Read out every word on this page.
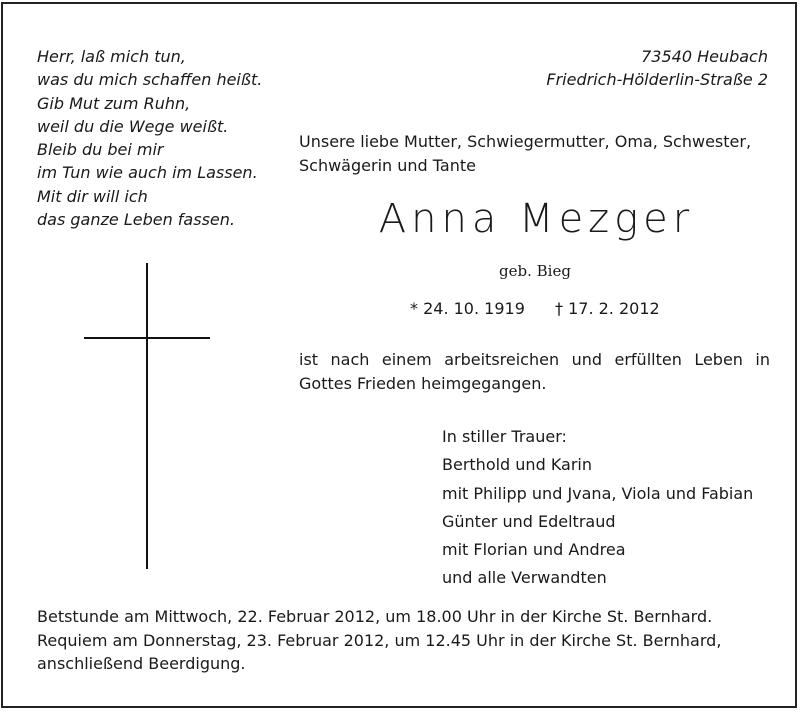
Herr, laß mich tun,
was du mich schaffen heißt.
Gib Mut zum Ruhn,
weil du die Wege weißt.
Bleib du bei mir
im Tun wie auch im Lassen.
Mit dir will ich
das ganze Leben fassen.
73540 Heubach
Friedrich-Hölderlin-Straße 2
Unsere liebe Mutter, Schwiegermutter, Oma, Schwester, Schwägerin und Tante
Anna Mezger
geb. Bieg
* 24. 10. 1919 † 17. 2. 2012
ist nach einem arbeitsreichen und erfüllten Leben in Gottes Frieden heimgegangen.
In stiller Trauer:
Berthold und Karin
mit Philipp und Jvana, Viola und Fabian
Günter und Edeltraud
mit Florian und Andrea
und alle Verwandten
Betstunde am Mittwoch, 22. Februar 2012, um 18.00 Uhr in der Kirche St. Bernhard.
Requiem am Donnerstag, 23. Februar 2012, um 12.45 Uhr in der Kirche St. Bernhard,
anschließend Beerdigung.
